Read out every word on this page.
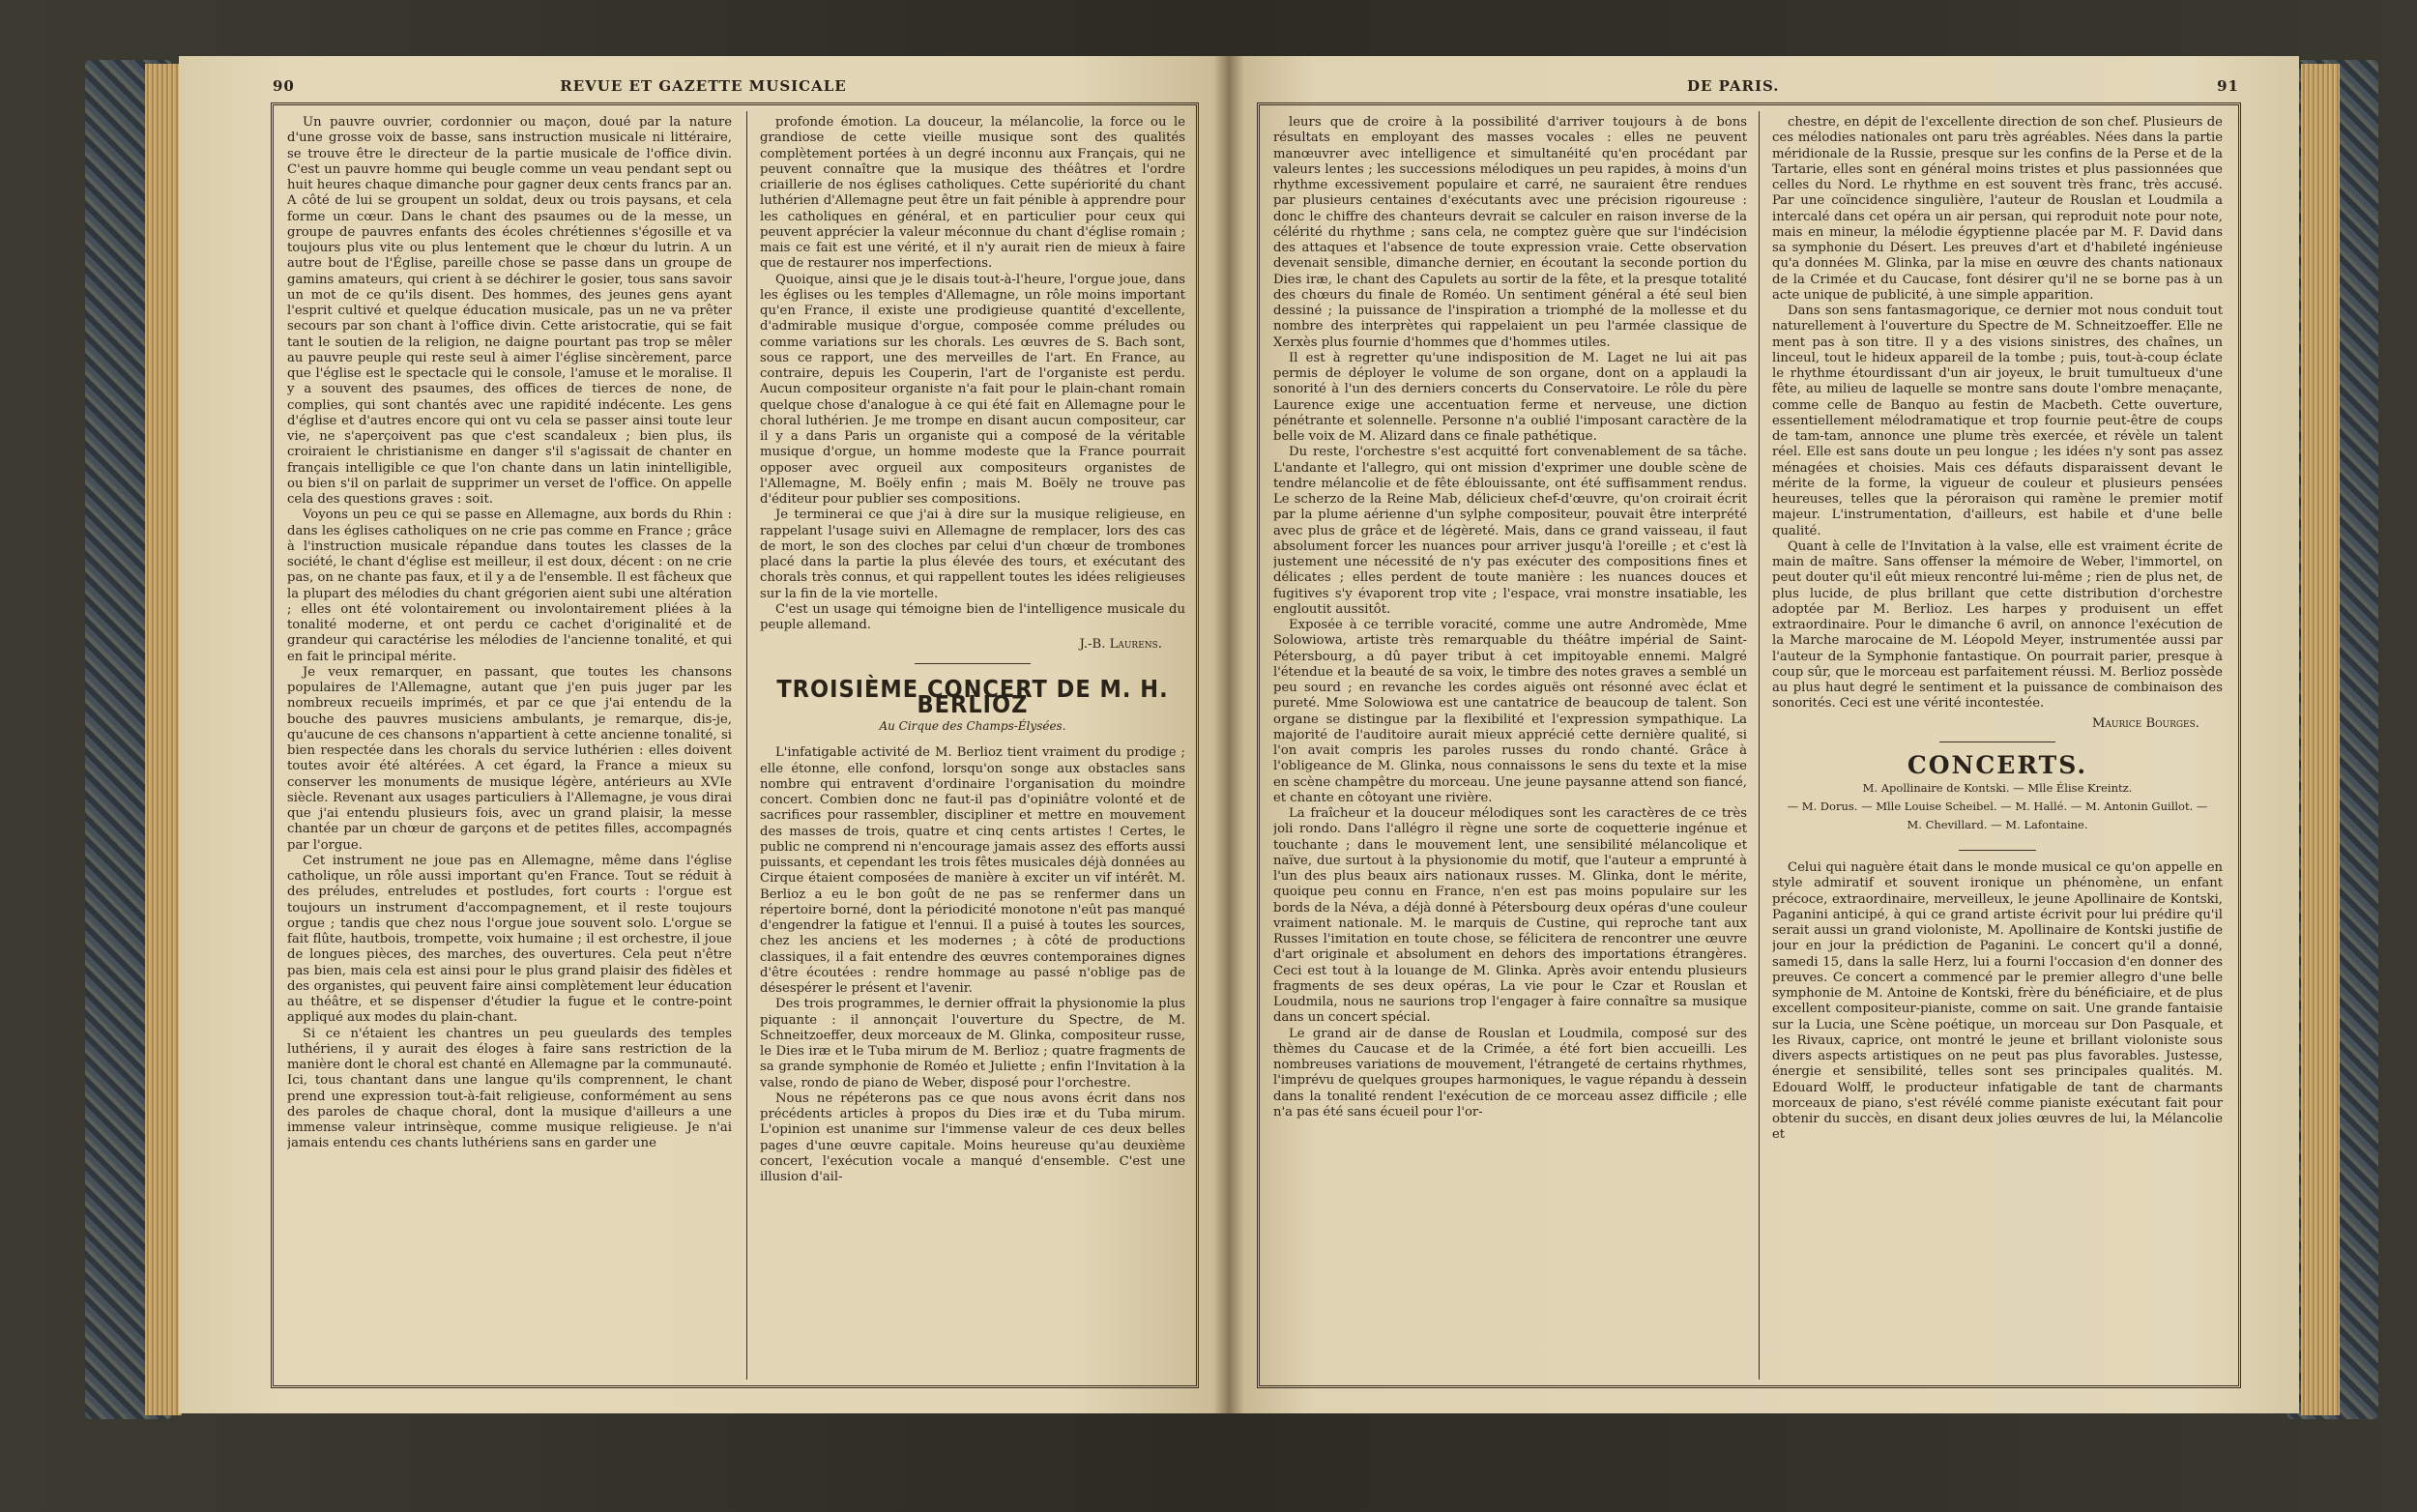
90	REVUE ET GAZETTE MUSICALE

Un pauvre ouvrier, cordonnier ou maçon, doué par la nature d'une grosse voix de basse, sans instruction musicale ni littéraire, se trouve être le directeur de la partie musicale de l'office divin. C'est un pauvre homme qui beugle comme un veau pendant sept ou huit heures chaque dimanche pour gagner deux cents francs par an. A côté de lui se groupent un soldat, deux ou trois paysans, et cela forme un cœur. Dans le chant des psaumes ou de la messe, un groupe de pauvres enfants des écoles chrétiennes s'égosille et va toujours plus vite ou plus lentement que le chœur du lutrin. A un autre bout de l'Église, pareille chose se passe dans un groupe de gamins amateurs, qui crient à se déchirer le gosier, tous sans savoir un mot de ce qu'ils disent. Des hommes, des jeunes gens ayant l'esprit cultivé et quelque éducation musicale, pas un ne va prêter secours par son chant à l'office divin. Cette aristocratie, qui se fait tant le soutien de la religion, ne daigne pourtant pas trop se mêler au pauvre peuple qui reste seul à aimer l'église sincèrement, parce que l'église est le spectacle qui le console, l'amuse et le moralise. Il y a souvent des psaumes, des offices de tierces de none, de complies, qui sont chantés avec une rapidité indécente. Les gens d'église et d'autres encore qui ont vu cela se passer ainsi toute leur vie, ne s'aperçoivent pas que c'est scandaleux ; bien plus, ils croiraient le christianisme en danger s'il s'agissait de chanter en français intelligible ce que l'on chante dans un latin inintelligible, ou bien s'il on parlait de supprimer un verset de l'office. On appelle cela des questions graves : soit.

Voyons un peu ce qui se passe en Allemagne, aux bords du Rhin : dans les églises catholiques on ne crie pas comme en France ; grâce à l'instruction musicale répandue dans toutes les classes de la société, le chant d'église est meilleur, il est doux, décent : on ne crie pas, on ne chante pas faux, et il y a de l'ensemble. Il est fâcheux que la plupart des mélodies du chant grégorien aient subi une altération ; elles ont été volontairement ou involontairement pliées à la tonalité moderne, et ont perdu ce cachet d'originalité et de grandeur qui caractérise les mélodies de l'ancienne tonalité, et qui en fait le principal mérite.

Je veux remarquer, en passant, que toutes les chansons populaires de l'Allemagne, autant que j'en puis juger par les nombreux recueils imprimés, et par ce que j'ai entendu de la bouche des pauvres musiciens ambulants, je remarque, dis-je, qu'aucune de ces chansons n'appartient à cette ancienne tonalité, si bien respectée dans les chorals du service luthérien : elles doivent toutes avoir été altérées. A cet égard, la France a mieux su conserver les monuments de musique légère, antérieurs au XVIe siècle. Revenant aux usages particuliers à l'Allemagne, je vous dirai que j'ai entendu plusieurs fois, avec un grand plaisir, la messe chantée par un chœur de garçons et de petites filles, accompagnés par l'orgue.

Cet instrument ne joue pas en Allemagne, même dans l'église catholique, un rôle aussi important qu'en France. Tout se réduit à des préludes, entreludes et postludes, fort courts : l'orgue est toujours un instrument d'accompagnement, et il reste toujours orgue ; tandis que chez nous l'orgue joue souvent solo. L'orgue se fait flûte, hautbois, trompette, voix humaine ; il est orchestre, il joue de longues pièces, des marches, des ouvertures. Cela peut n'être pas bien, mais cela est ainsi pour le plus grand plaisir des fidèles et des organistes, qui peuvent faire ainsi complètement leur éducation au théâtre, et se dispenser d'étudier la fugue et le contre-point appliqué aux modes du plain-chant.

Si ce n'étaient les chantres un peu gueulards des temples luthériens, il y aurait des éloges à faire sans restriction de la manière dont le choral est chanté en Allemagne par la communauté. Ici, tous chantant dans une langue qu'ils comprennent, le chant prend une expression tout-à-fait religieuse, conformément au sens des paroles de chaque choral, dont la musique d'ailleurs a une immense valeur intrinsèque, comme musique religieuse. Je n'ai jamais entendu ces chants luthériens sans en garder une

profonde émotion. La douceur, la mélancolie, la force ou le grandiose de cette vieille musique sont des qualités complètement portées à un degré inconnu aux Français, qui ne peuvent connaître que la musique des théâtres et l'ordre criaillerie de nos églises catholiques. Cette supériorité du chant luthérien d'Allemagne peut être un fait pénible à apprendre pour les catholiques en général, et en particulier pour ceux qui peuvent apprécier la valeur méconnue du chant d'église romain ; mais ce fait est une vérité, et il n'y aurait rien de mieux à faire que de restaurer nos imperfections.

Quoique, ainsi que je le disais tout-à-l'heure, l'orgue joue, dans les églises ou les temples d'Allemagne, un rôle moins important qu'en France, il existe une prodigieuse quantité d'excellente, d'admirable musique d'orgue, composée comme préludes ou comme variations sur les chorals. Les œuvres de S. Bach sont, sous ce rapport, une des merveilles de l'art. En France, au contraire, depuis les Couperin, l'art de l'organiste est perdu. Aucun compositeur organiste n'a fait pour le plain-chant romain quelque chose d'analogue à ce qui été fait en Allemagne pour le choral luthérien. Je me trompe en disant aucun compositeur, car il y a dans Paris un organiste qui a composé de la véritable musique d'orgue, un homme modeste que la France pourrait opposer avec orgueil aux compositeurs organistes de l'Allemagne, M. Boëly enfin ; mais M. Boëly ne trouve pas d'éditeur pour publier ses compositions.

Je terminerai ce que j'ai à dire sur la musique religieuse, en rappelant l'usage suivi en Allemagne de remplacer, lors des cas de mort, le son des cloches par celui d'un chœur de trombones placé dans la partie la plus élevée des tours, et exécutant des chorals très connus, et qui rappellent toutes les idées religieuses sur la fin de la vie mortelle.

C'est un usage qui témoigne bien de l'intelligence musicale du peuple allemand.

J.-B. Laurens.

TROISIÈME CONCERT DE M. H. BERLIOZ
Au Cirque des Champs-Élysées.

L'infatigable activité de M. Berlioz tient vraiment du prodige ; elle étonne, elle confond, lorsqu'on songe aux obstacles sans nombre qui entravent d'ordinaire l'organisation du moindre concert. Combien donc ne faut-il pas d'opiniâtre volonté et de sacrifices pour rassembler, discipliner et mettre en mouvement des masses de trois, quatre et cinq cents artistes ! Certes, le public ne comprend ni n'encourage jamais assez des efforts aussi puissants, et cependant les trois fêtes musicales déjà données au Cirque étaient composées de manière à exciter un vif intérêt. M. Berlioz a eu le bon goût de ne pas se renfermer dans un répertoire borné, dont la périodicité monotone n'eût pas manqué d'engendrer la fatigue et l'ennui. Il a puisé à toutes les sources, chez les anciens et les modernes ; à côté de productions classiques, il a fait entendre des œuvres contemporaines dignes d'être écoutées : rendre hommage au passé n'oblige pas de désespérer le présent et l'avenir.

Des trois programmes, le dernier offrait la physionomie la plus piquante : il annonçait l'ouverture du Spectre, de M. Schneitzoeffer, deux morceaux de M. Glinka, compositeur russe, le Dies iræ et le Tuba mirum de M. Berlioz ; quatre fragments de sa grande symphonie de Roméo et Juliette ; enfin l'Invitation à la valse, rondo de piano de Weber, disposé pour l'orchestre.

Nous ne répéterons pas ce que nous avons écrit dans nos précédents articles à propos du Dies iræ et du Tuba mirum. L'opinion est unanime sur l'immense valeur de ces deux belles pages d'une œuvre capitale. Moins heureuse qu'au deuxième concert, l'exécution vocale a manqué d'ensemble. C'est une illusion d'ail-

DE PARIS.	91

leurs que de croire à la possibilité d'arriver toujours à de bons résultats en employant des masses vocales : elles ne peuvent manœuvrer avec intelligence et simultanéité qu'en procédant par valeurs lentes ; les successions mélodiques un peu rapides, à moins d'un rhythme excessivement populaire et carré, ne sauraient être rendues par plusieurs centaines d'exécutants avec une précision rigoureuse : donc le chiffre des chanteurs devrait se calculer en raison inverse de la célérité du rhythme ; sans cela, ne comptez guère que sur l'indécision des attaques et l'absence de toute expression vraie. Cette observation devenait sensible, dimanche dernier, en écoutant la seconde portion du Dies iræ, le chant des Capulets au sortir de la fête, et la presque totalité des chœurs du finale de Roméo. Un sentiment général a été seul bien dessiné ; la puissance de l'inspiration a triomphé de la mollesse et du nombre des interprètes qui rappelaient un peu l'armée classique de Xerxès plus fournie d'hommes que d'hommes utiles.

Il est à regretter qu'une indisposition de M. Laget ne lui ait pas permis de déployer le volume de son organe, dont on a applaudi la sonorité à l'un des derniers concerts du Conservatoire. Le rôle du père Laurence exige une accentuation ferme et nerveuse, une diction pénétrante et solennelle. Personne n'a oublié l'imposant caractère de la belle voix de M. Alizard dans ce finale pathétique.

Du reste, l'orchestre s'est acquitté fort convenablement de sa tâche. L'andante et l'allegro, qui ont mission d'exprimer une double scène de tendre mélancolie et de fête éblouissante, ont été suffisamment rendus. Le scherzo de la Reine Mab, délicieux chef-d'œuvre, qu'on croirait écrit par la plume aérienne d'un sylphe compositeur, pouvait être interprété avec plus de grâce et de légèreté. Mais, dans ce grand vaisseau, il faut absolument forcer les nuances pour arriver jusqu'à l'oreille ; et c'est là justement une nécessité de n'y pas exécuter des compositions fines et délicates ; elles perdent de toute manière : les nuances douces et fugitives s'y évaporent trop vite ; l'espace, vrai monstre insatiable, les engloutit aussitôt.

Exposée à ce terrible voracité, comme une autre Andromède, Mme Solowiowa, artiste très remarquable du théâtre impérial de Saint-Pétersbourg, a dû payer tribut à cet impitoyable ennemi. Malgré l'étendue et la beauté de sa voix, le timbre des notes graves a semblé un peu sourd ; en revanche les cordes aiguës ont résonné avec éclat et pureté. Mme Solowiowa est une cantatrice de beaucoup de talent. Son organe se distingue par la flexibilité et l'expression sympathique. La majorité de l'auditoire aurait mieux apprécié cette dernière qualité, si l'on avait compris les paroles russes du rondo chanté. Grâce à l'obligeance de M. Glinka, nous connaissons le sens du texte et la mise en scène champêtre du morceau. Une jeune paysanne attend son fiancé, et chante en côtoyant une rivière.

La fraîcheur et la douceur mélodiques sont les caractères de ce très joli rondo. Dans l'allégro il règne une sorte de coquetterie ingénue et touchante ; dans le mouvement lent, une sensibilité mélancolique et naïve, due surtout à la physionomie du motif, que l'auteur a emprunté à l'un des plus beaux airs nationaux russes. M. Glinka, dont le mérite, quoique peu connu en France, n'en est pas moins populaire sur les bords de la Néva, a déjà donné à Pétersbourg deux opéras d'une couleur vraiment nationale. M. le marquis de Custine, qui reproche tant aux Russes l'imitation en toute chose, se félicitera de rencontrer une œuvre d'art originale et absolument en dehors des importations étrangères. Ceci est tout à la louange de M. Glinka. Après avoir entendu plusieurs fragments de ses deux opéras, La vie pour le Czar et Rouslan et Loudmila, nous ne saurions trop l'engager à faire connaître sa musique dans un concert spécial.

Le grand air de danse de Rouslan et Loudmila, composé sur des thèmes du Caucase et de la Crimée, a été fort bien accueilli. Les nombreuses variations de mouvement, l'étrangeté de certains rhythmes, l'imprévu de quelques groupes harmoniques, le vague répandu à dessein dans la tonalité rendent l'exécution de ce morceau assez difficile ; elle n'a pas été sans écueil pour l'or-

chestre, en dépit de l'excellente direction de son chef. Plusieurs de ces mélodies nationales ont paru très agréables. Nées dans la partie méridionale de la Russie, presque sur les confins de la Perse et de la Tartarie, elles sont en général moins tristes et plus passionnées que celles du Nord. Le rhythme en est souvent très franc, très accusé. Par une coïncidence singulière, l'auteur de Rouslan et Loudmila a intercalé dans cet opéra un air persan, qui reproduit note pour note, mais en mineur, la mélodie égyptienne placée par M. F. David dans sa symphonie du Désert. Les preuves d'art et d'habileté ingénieuse qu'a données M. Glinka, par la mise en œuvre des chants nationaux de la Crimée et du Caucase, font désirer qu'il ne se borne pas à un acte unique de publicité, à une simple apparition.

Dans son sens fantasmagorique, ce dernier mot nous conduit tout naturellement à l'ouverture du Spectre de M. Schneitzoeffer. Elle ne ment pas à son titre. Il y a des visions sinistres, des chaînes, un linceul, tout le hideux appareil de la tombe ; puis, tout-à-coup éclate le rhythme étourdissant d'un air joyeux, le bruit tumultueux d'une fête, au milieu de laquelle se montre sans doute l'ombre menaçante, comme celle de Banquo au festin de Macbeth. Cette ouverture, essentiellement mélodramatique et trop fournie peut-être de coups de tam-tam, annonce une plume très exercée, et révèle un talent réel. Elle est sans doute un peu longue ; les idées n'y sont pas assez ménagées et choisies. Mais ces défauts disparaissent devant le mérite de la forme, la vigueur de couleur et plusieurs pensées heureuses, telles que la péroraison qui ramène le premier motif majeur. L'instrumentation, d'ailleurs, est habile et d'une belle qualité.

Quant à celle de l'Invitation à la valse, elle est vraiment écrite de main de maître. Sans offenser la mémoire de Weber, l'immortel, on peut douter qu'il eût mieux rencontré lui-même ; rien de plus net, de plus lucide, de plus brillant que cette distribution d'orchestre adoptée par M. Berlioz. Les harpes y produisent un effet extraordinaire. Pour le dimanche 6 avril, on annonce l'exécution de la Marche marocaine de M. Léopold Meyer, instrumentée aussi par l'auteur de la Symphonie fantastique. On pourrait parier, presque à coup sûr, que le morceau est parfaitement réussi. M. Berlioz possède au plus haut degré le sentiment et la puissance de combinaison des sonorités. Ceci est une vérité incontestée.

Maurice Bourges.

CONCERTS.
M. Apollinaire de Kontski. — Mlle Élise Kreintz.
— M. Dorus. — Mlle Louise Scheibel. — M. Hallé. — M. Antonin Guillot. —
M. Chevillard. — M. Lafontaine.

Celui qui naguère était dans le monde musical ce qu'on appelle en style admiratif et souvent ironique un phénomène, un enfant précoce, extraordinaire, merveilleux, le jeune Apollinaire de Kontski, Paganini anticipé, à qui ce grand artiste écrivit pour lui prédire qu'il serait aussi un grand violoniste, M. Apollinaire de Kontski justifie de jour en jour la prédiction de Paganini. Le concert qu'il a donné, samedi 15, dans la salle Herz, lui a fourni l'occasion d'en donner des preuves. Ce concert a commencé par le premier allegro d'une belle symphonie de M. Antoine de Kontski, frère du bénéficiaire, et de plus excellent compositeur-pianiste, comme on sait. Une grande fantaisie sur la Lucia, une Scène poétique, un morceau sur Don Pasquale, et les Rivaux, caprice, ont montré le jeune et brillant violoniste sous divers aspects artistiques on ne peut pas plus favorables. Justesse, énergie et sensibilité, telles sont ses principales qualités. M. Edouard Wolff, le producteur infatigable de tant de charmants morceaux de piano, s'est révélé comme pianiste exécutant fait pour obtenir du succès, en disant deux jolies œuvres de lui, la Mélancolie et
